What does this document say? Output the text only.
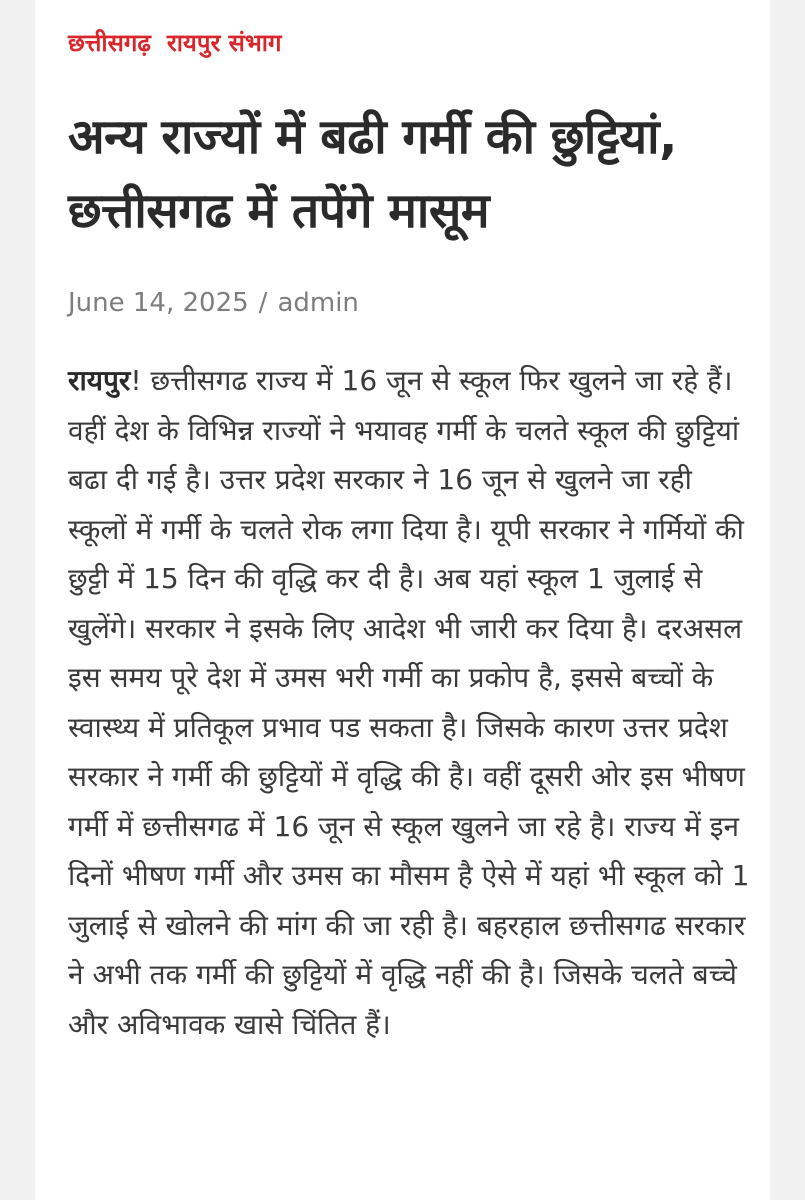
छत्तीसगढ़ रायपुर संभाग
अन्य राज्यों में बढी गर्मी की छुट्टियां, छत्तीसगढ में तपेंगे मासूम
June 14, 2025 / admin

रायपुर! छत्तीसगढ राज्य में 16 जून से स्कूल फिर खुलने जा रहे हैं। वहीं देश के विभिन्न राज्यों ने भयावह गर्मी के चलते स्कूल की छुट्टियां बढा दी गई है। उत्तर प्रदेश सरकार ने 16 जून से खुलने जा रही स्कूलों में गर्मी के चलते रोक लगा दिया है। यूपी सरकार ने गर्मियों की छुट्टी में 15 दिन की वृद्धि कर दी है। अब यहां स्कूल 1 जुलाई से खुलेंगे। सरकार ने इसके लिए आदेश भी जारी कर दिया है। दरअसल इस समय पूरे देश में उमस भरी गर्मी का प्रकोप है, इससे बच्चों के स्वास्थ्य में प्रतिकूल प्रभाव पड सकता है। जिसके कारण उत्तर प्रदेश सरकार ने गर्मी की छुट्टियों में वृद्धि की है। वहीं दूसरी ओर इस भीषण गर्मी में छत्तीसगढ में 16 जून से स्कूल खुलने जा रहे है। राज्य में इन दिनों भीषण गर्मी और उमस का मौसम है ऐसे में यहां भी स्कूल को 1 जुलाई से खोलने की मांग की जा रही है। बहरहाल छत्तीसगढ सरकार ने अभी तक गर्मी की छुट्टियों में वृद्धि नहीं की है। जिसके चलते बच्चे और अविभावक खासे चिंतित हैं।
